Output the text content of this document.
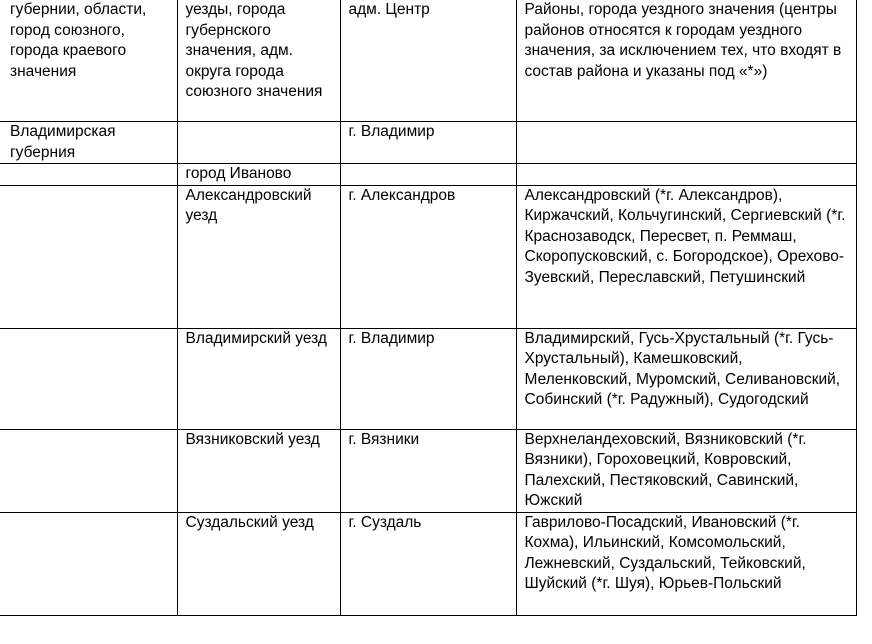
губернии, области, город союзного, города краевого значения	уезды, города губернского значения, адм. округа города союзного значения	адм. Центр	Районы, города уездного значения (центры районов относятся к городам уездного значения, за исключением тех, что входят в состав района и указаны под «*»)
Владимирская губерния		г. Владимир	
	город Иваново		
	Александровский уезд	г. Александров	Александровский (*г. Александров), Киржачский, Кольчугинский, Сергиевский (*г. Краснозаводск, Пересвет, п. Реммаш, Скоропусковский, с. Богородское), Орехово-Зуевский, Переславский, Петушинский
	Владимирский уезд	г. Владимир	Владимирский, Гусь-Хрустальный (*г. Гусь-Хрустальный), Камешковский, Меленковский, Муромский, Селивановский, Собинский (*г. Радужный), Судогодский
	Вязниковский уезд	г. Вязники	Верхнеландеховский, Вязниковский (*г. Вязники), Гороховецкий, Ковровский, Палехский, Пестяковский, Савинский, Южский
	Суздальский уезд	г. Суздаль	Гаврилово-Посадский, Ивановский (*г. Кохма), Ильинский, Комсомольский, Лежневский, Суздальский, Тейковский, Шуйский (*г. Шуя), Юрьев-Польский
